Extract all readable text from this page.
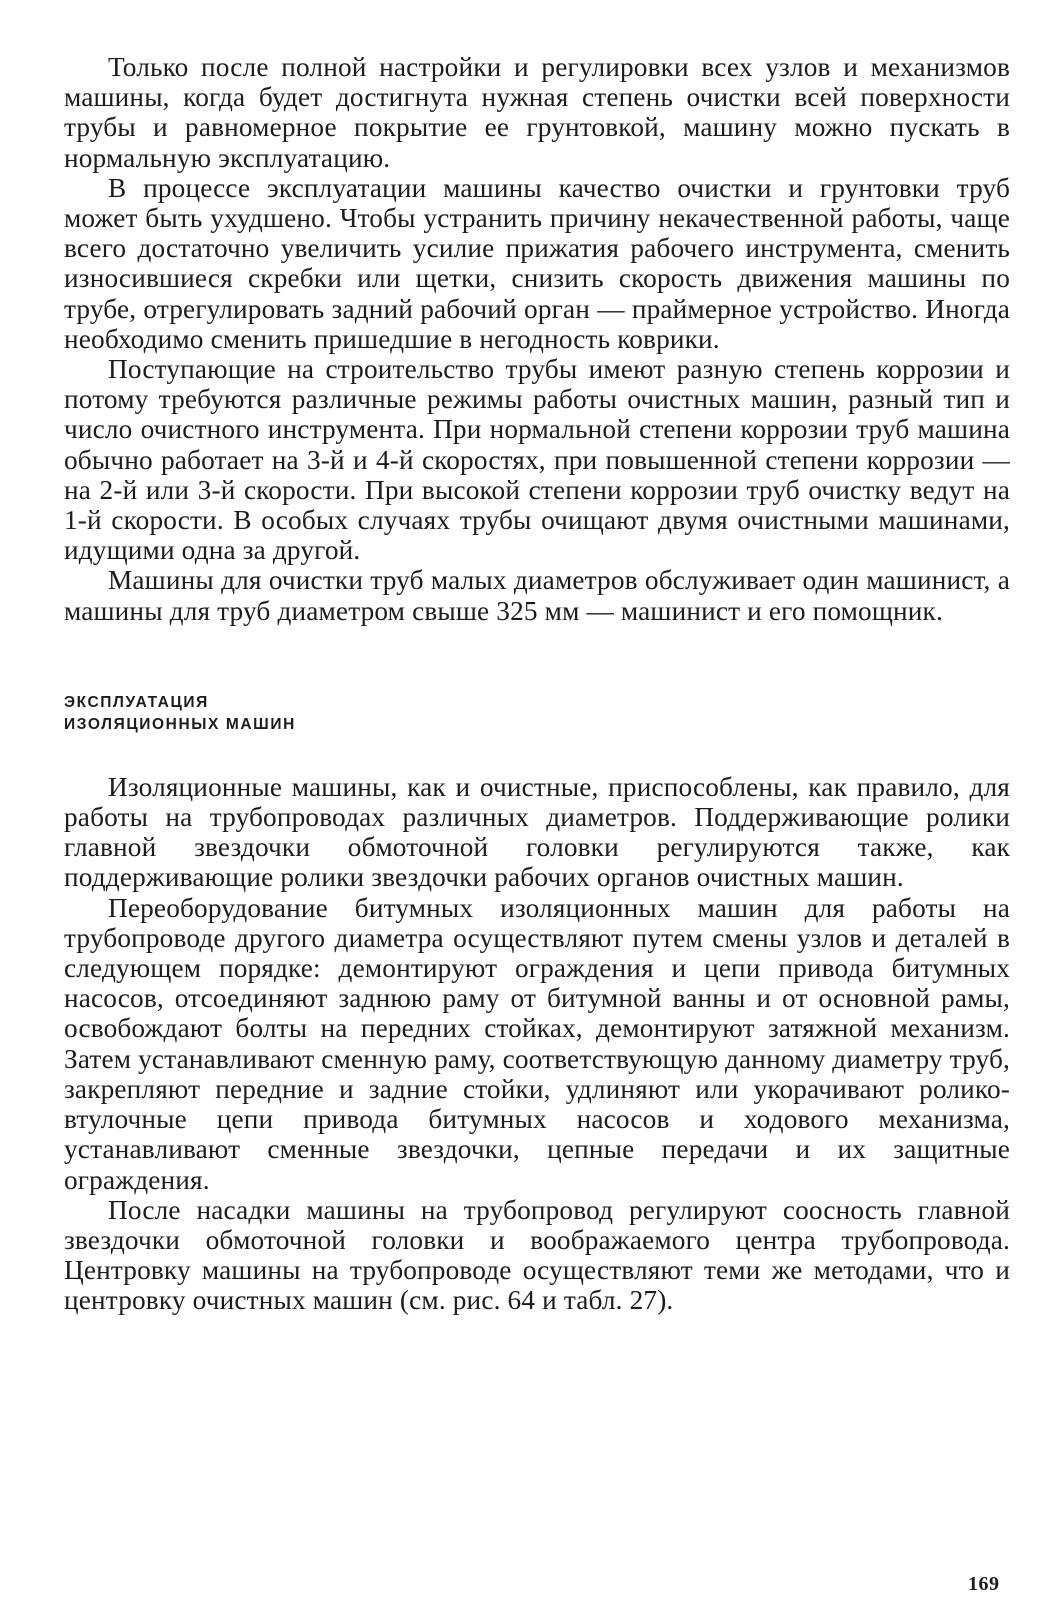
Только после полной настройки и регулировки всех узлов и механизмов машины, когда будет достигнута нужная степень очистки всей поверхности трубы и равномерное покрытие ее грунтовкой, машину можно пускать в нормальную эксплуатацию.

В процессе эксплуатации машины качество очистки и грунтовки труб может быть ухудшено. Чтобы устранить причину некачественной работы, чаще всего достаточно увеличить усилие прижатия рабочего инструмента, сменить износившиеся скребки или щетки, снизить скорость движения машины по трубе, отрегулировать задний рабочий орган — праймерное устройство. Иногда необходимо сменить пришедшие в негодность коврики.

Поступающие на строительство трубы имеют разную степень коррозии и потому требуются различные режимы работы очистных машин, разный тип и число очистного инструмента. При нормальной степени коррозии труб машина обычно работает на 3-й и 4-й скоростях, при повышенной степени коррозии — на 2-й или 3-й скорости. При высокой степени коррозии труб очистку ведут на 1-й скорости. В особых случаях трубы очищают двумя очистными машинами, идущими одна за другой.

Машины для очистки труб малых диаметров обслуживает один машинист, а машины для труб диаметром свыше 325 мм — машинист и его помощник.

ЭКСПЛУАТАЦИЯ
ИЗОЛЯЦИОННЫХ МАШИН

Изоляционные машины, как и очистные, приспособлены, как правило, для работы на трубопроводах различных диаметров. Поддерживающие ролики главной звездочки обмоточной головки регулируются также, как поддерживающие ролики звездочки рабочих органов очистных машин.

Переоборудование битумных изоляционных машин для работы на трубопроводе другого диаметра осуществляют путем смены узлов и деталей в следующем порядке: демонтируют ограждения и цепи привода битумных насосов, отсоединяют заднюю раму от битумной ванны и от основной рамы, освобождают болты на передних стойках, демонтируют затяжной механизм. Затем устанавливают сменную раму, соответствующую данному диаметру труб, закрепляют передние и задние стойки, удлиняют или укорачивают ролико-втулочные цепи привода битумных насосов и ходового механизма, устанавливают сменные звездочки, цепные передачи и их защитные ограждения.

После насадки машины на трубопровод регулируют соосность главной звездочки обмоточной головки и воображаемого центра трубопровода. Центровку машины на трубопроводе осуществляют теми же методами, что и центровку очистных машин (см. рис. 64 и табл. 27).

169
